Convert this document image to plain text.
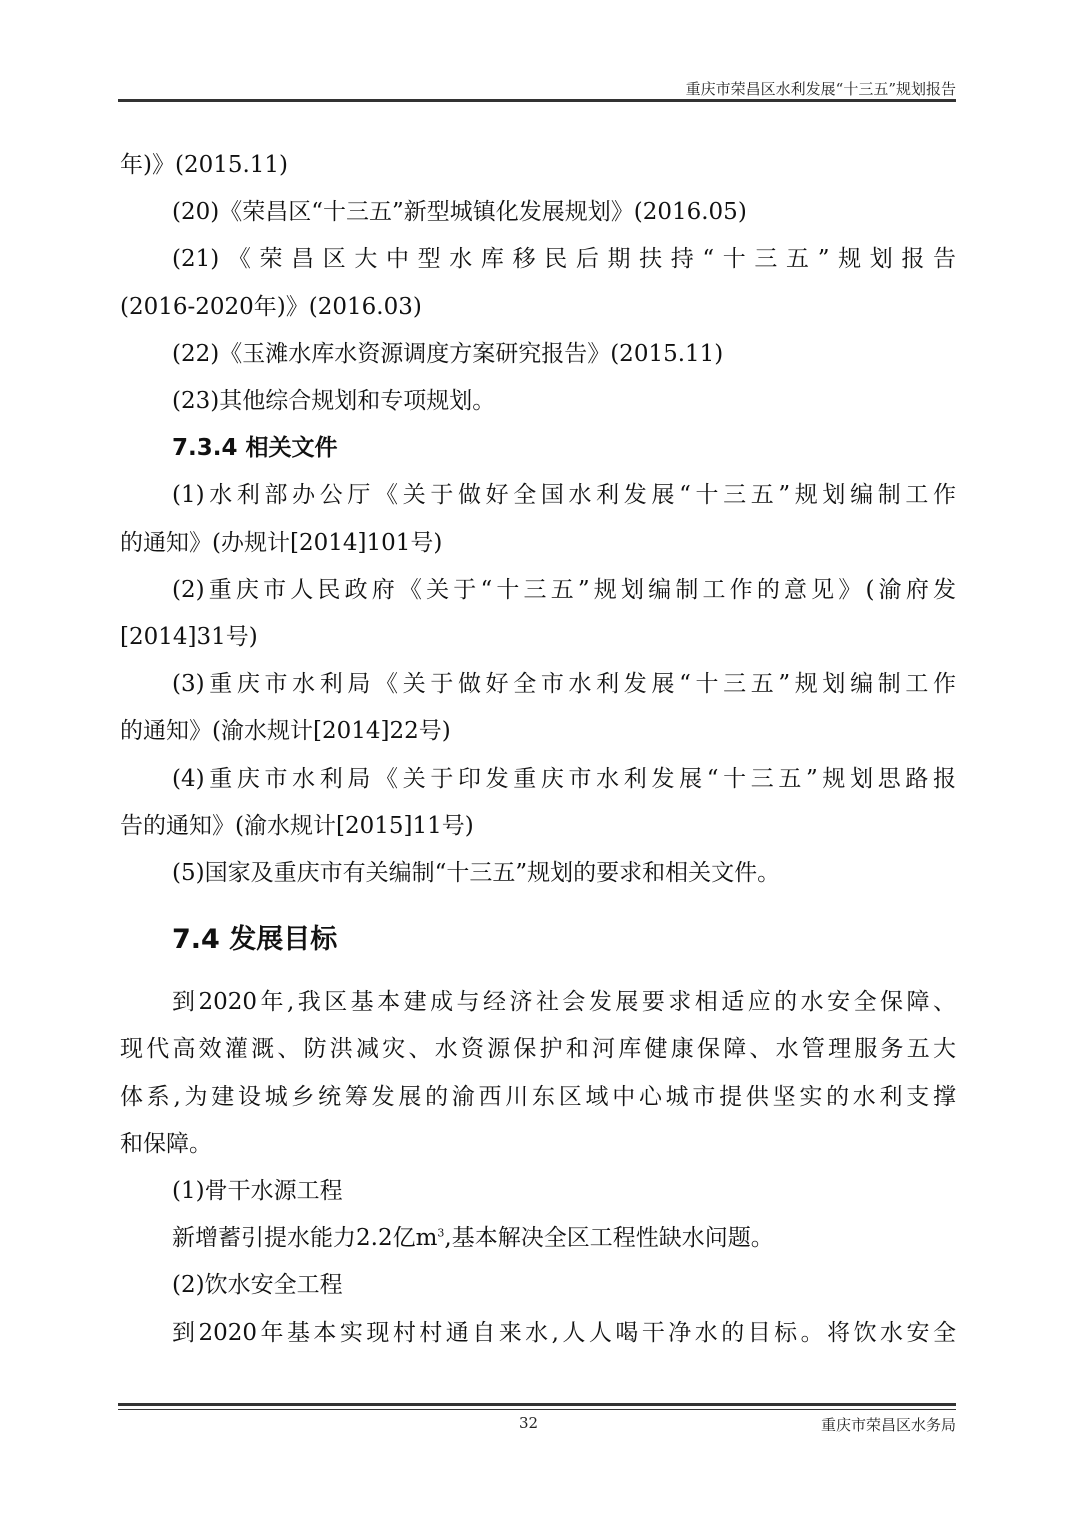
重庆市荣昌区水利发展“十三五”规划报告

年)》(2015.11)

(20)《荣昌区“十三五”新型城镇化发展规划》(2016.05)

(21)《荣昌区大中型水库移民后期扶持“十三五”规划报告

(2016-2020年)》(2016.03)

(22)《玉滩水库水资源调度方案研究报告》(2015.11)

(23)其他综合规划和专项规划。

7.3.4 相关文件

(1)水利部办公厅《关于做好全国水利发展“十三五”规划编制工作

的通知》(办规计[2014]101号)

(2)重庆市人民政府《关于“十三五”规划编制工作的意见》(渝府发

[2014]31号)

(3)重庆市水利局《关于做好全市水利发展“十三五”规划编制工作

的通知》(渝水规计[2014]22号)

(4)重庆市水利局《关于印发重庆市水利发展“十三五”规划思路报

告的通知》(渝水规计[2015]11号)

(5)国家及重庆市有关编制“十三五”规划的要求和相关文件。

7.4 发展目标

到2020年,我区基本建成与经济社会发展要求相适应的水安全保障、

现代高效灌溉、防洪减灾、水资源保护和河库健康保障、水管理服务五大

体系,为建设城乡统筹发展的渝西川东区域中心城市提供坚实的水利支撑

和保障。

(1)骨干水源工程

新增蓄引提水能力2.2亿$m^3$,基本解决全区工程性缺水问题。

(2)饮水安全工程

到2020年基本实现村村通自来水,人人喝干净水的目标。将饮水安全

32	重庆市荣昌区水务局
